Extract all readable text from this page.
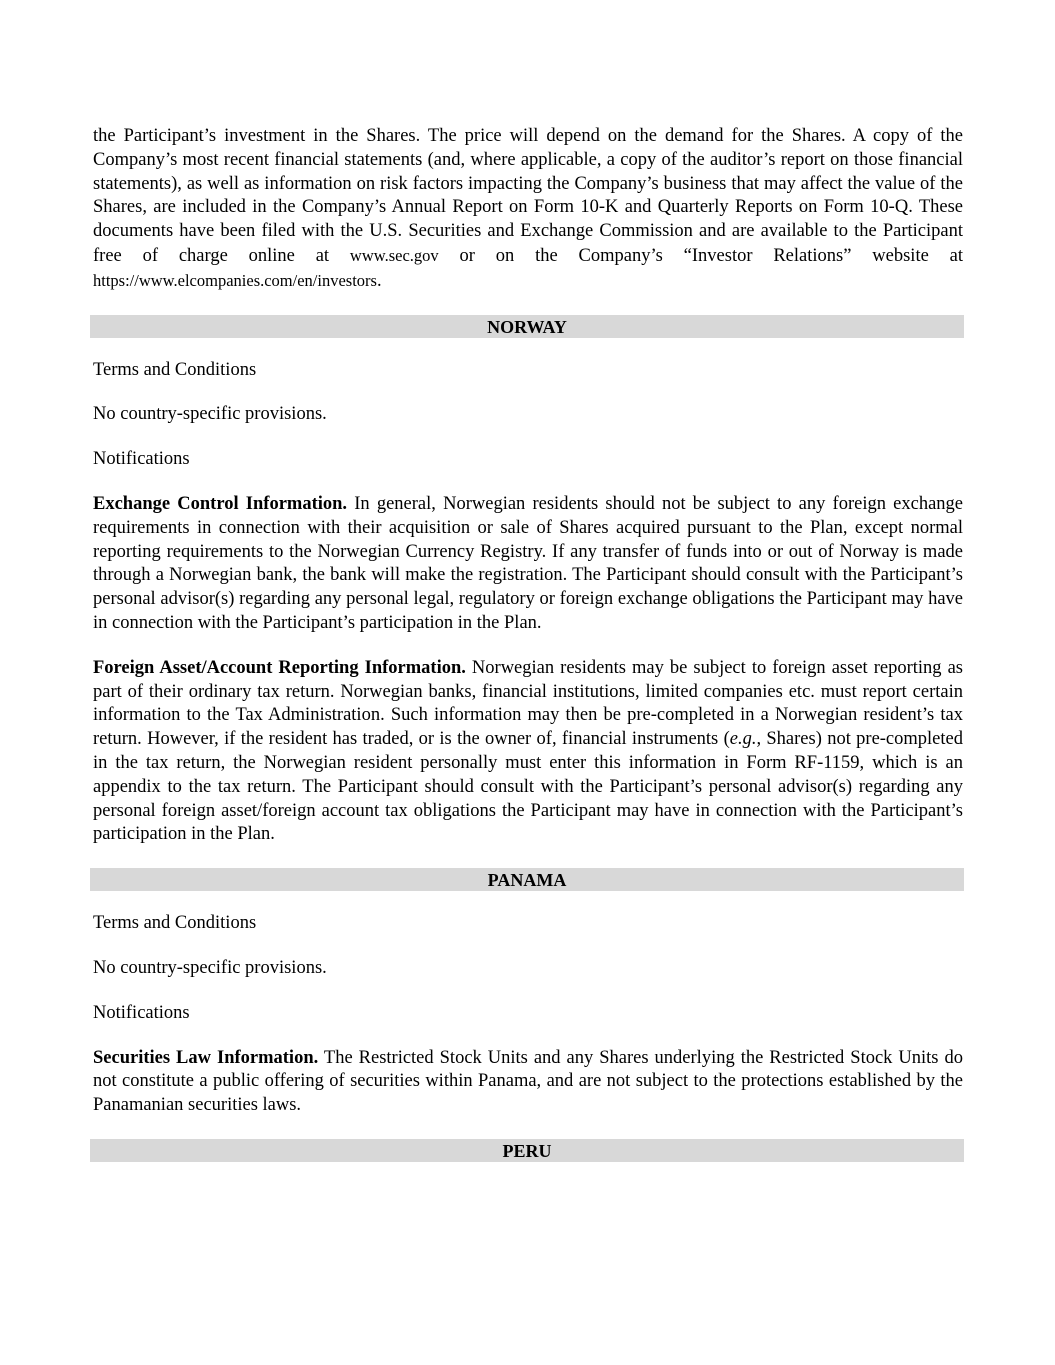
the Participant’s investment in the Shares. The price will depend on the demand for the Shares. A copy of the Company’s most recent financial statements (and, where applicable, a copy of the auditor’s report on those financial statements), as well as information on risk factors impacting the Company’s business that may affect the value of the Shares, are included in the Company’s Annual Report on Form 10-K and Quarterly Reports on Form 10-Q. These documents have been filed with the U.S. Securities and Exchange Commission and are available to the Participant free of charge online at www.sec.gov or on the Company’s “Investor Relations” website at https://www.elcompanies.com/en/investors.

NORWAY

Terms and Conditions

No country-specific provisions.

Notifications

Exchange Control Information. In general, Norwegian residents should not be subject to any foreign exchange requirements in connection with their acquisition or sale of Shares acquired pursuant to the Plan, except normal reporting requirements to the Norwegian Currency Registry. If any transfer of funds into or out of Norway is made through a Norwegian bank, the bank will make the registration. The Participant should consult with the Participant’s personal advisor(s) regarding any personal legal, regulatory or foreign exchange obligations the Participant may have in connection with the Participant’s participation in the Plan.

Foreign Asset/Account Reporting Information. Norwegian residents may be subject to foreign asset reporting as part of their ordinary tax return. Norwegian banks, financial institutions, limited companies etc. must report certain information to the Tax Administration. Such information may then be pre-completed in a Norwegian resident’s tax return. However, if the resident has traded, or is the owner of, financial instruments (e.g., Shares) not pre-completed in the tax return, the Norwegian resident personally must enter this information in Form RF-1159, which is an appendix to the tax return. The Participant should consult with the Participant’s personal advisor(s) regarding any personal foreign asset/foreign account tax obligations the Participant may have in connection with the Participant’s participation in the Plan.

PANAMA

Terms and Conditions

No country-specific provisions.

Notifications

Securities Law Information. The Restricted Stock Units and any Shares underlying the Restricted Stock Units do not constitute a public offering of securities within Panama, and are not subject to the protections established by the Panamanian securities laws.

PERU
